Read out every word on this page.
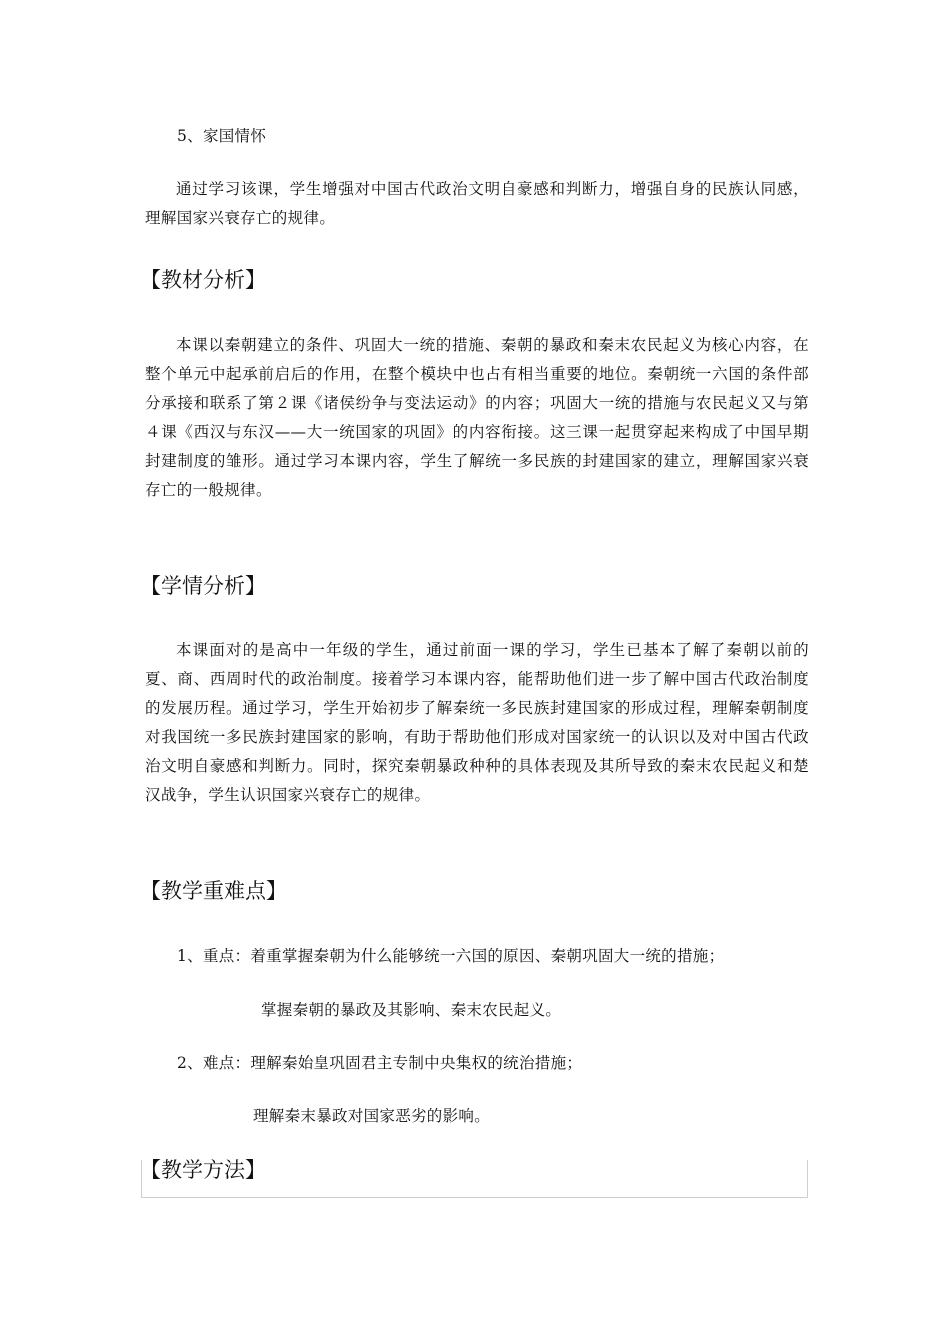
5、家国情怀
通过学习该课，学生增强对中国古代政治文明自豪感和判断力，增强自身的民族认同感，理解国家兴衰存亡的规律。
【教材分析】
本课以秦朝建立的条件、巩固大一统的措施、秦朝的暴政和秦末农民起义为核心内容，在整个单元中起承前启后的作用，在整个模块中也占有相当重要的地位。秦朝统一六国的条件部分承接和联系了第２课《诸侯纷争与变法运动》的内容；巩固大一统的措施与农民起义又与第４课《西汉与东汉——大一统国家的巩固》的内容衔接。这三课一起贯穿起来构成了中国早期封建制度的雏形。通过学习本课内容，学生了解统一多民族的封建国家的建立，理解国家兴衰存亡的一般规律。
【学情分析】
本课面对的是高中一年级的学生，通过前面一课的学习，学生已基本了解了秦朝以前的夏、商、西周时代的政治制度。接着学习本课内容，能帮助他们进一步了解中国古代政治制度的发展历程。通过学习，学生开始初步了解秦统一多民族封建国家的形成过程，理解秦朝制度对我国统一多民族封建国家的影响，有助于帮助他们形成对国家统一的认识以及对中国古代政治文明自豪感和判断力。同时，探究秦朝暴政种种的具体表现及其所导致的秦末农民起义和楚汉战争，学生认识国家兴衰存亡的规律。
【教学重难点】
1、重点：着重掌握秦朝为什么能够统一六国的原因、秦朝巩固大一统的措施；
掌握秦朝的暴政及其影响、秦末农民起义。
2、难点：理解秦始皇巩固君主专制中央集权的统治措施；
理解秦末暴政对国家恶劣的影响。
【教学方法】
